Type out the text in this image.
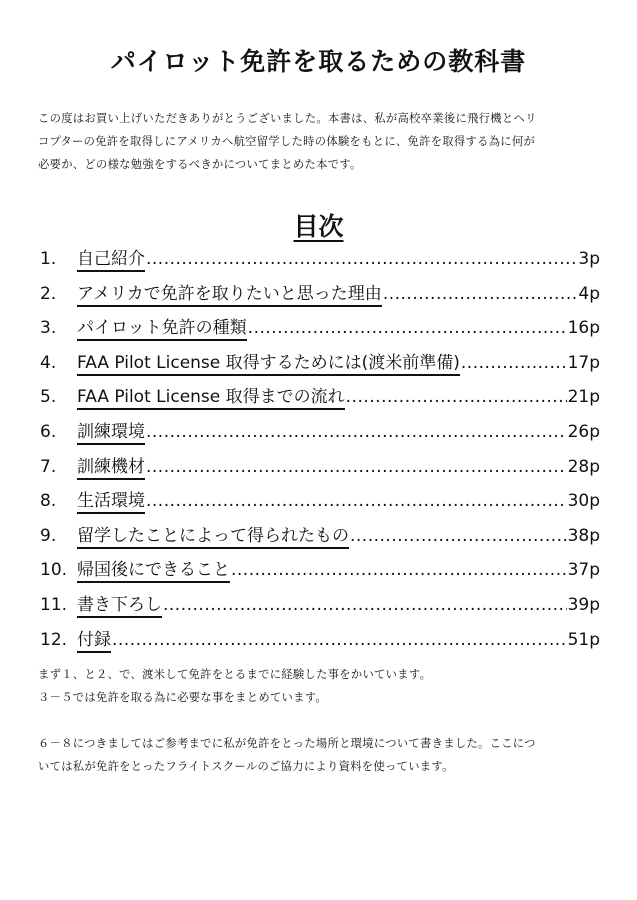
パイロット免許を取るための教科書

この度はお買い上げいただきありがとうございました。本書は、私が高校卒業後に飛行機とヘリ

コプターの免許を取得しにアメリカへ航空留学した時の体験をもとに、免許を取得する為に何が

必要か、どの様な勉強をするべきかについてまとめた本です。

目次
1.	自己紹介 .....	3p
2.	アメリカで免許を取りたいと思った理由 .....	4p
3.	パイロット免許の種類 .....	16p
4.	FAA Pilot License 取得するためには(渡米前準備) .....	17p
5.	FAA Pilot License 取得までの流れ .....	21p
6.	訓練環境 .....	26p
7.	訓練機材 .....	28p
8.	生活環境 .....	30p
9.	留学したことによって得られたもの .....	38p
10. 帰国後にできること .....	37p
11. 書き下ろし .....	39p
12. 付録 .....	51p

まず１、と２、で、渡米して免許をとるまでに経験した事をかいています。

３－５では免許を取る為に必要な事をまとめています。

６－８につきましてはご参考までに私が免許をとった場所と環境について書きました。ここにつ

いては私が免許をとったフライトスクールのご協力により資料を使っています。
